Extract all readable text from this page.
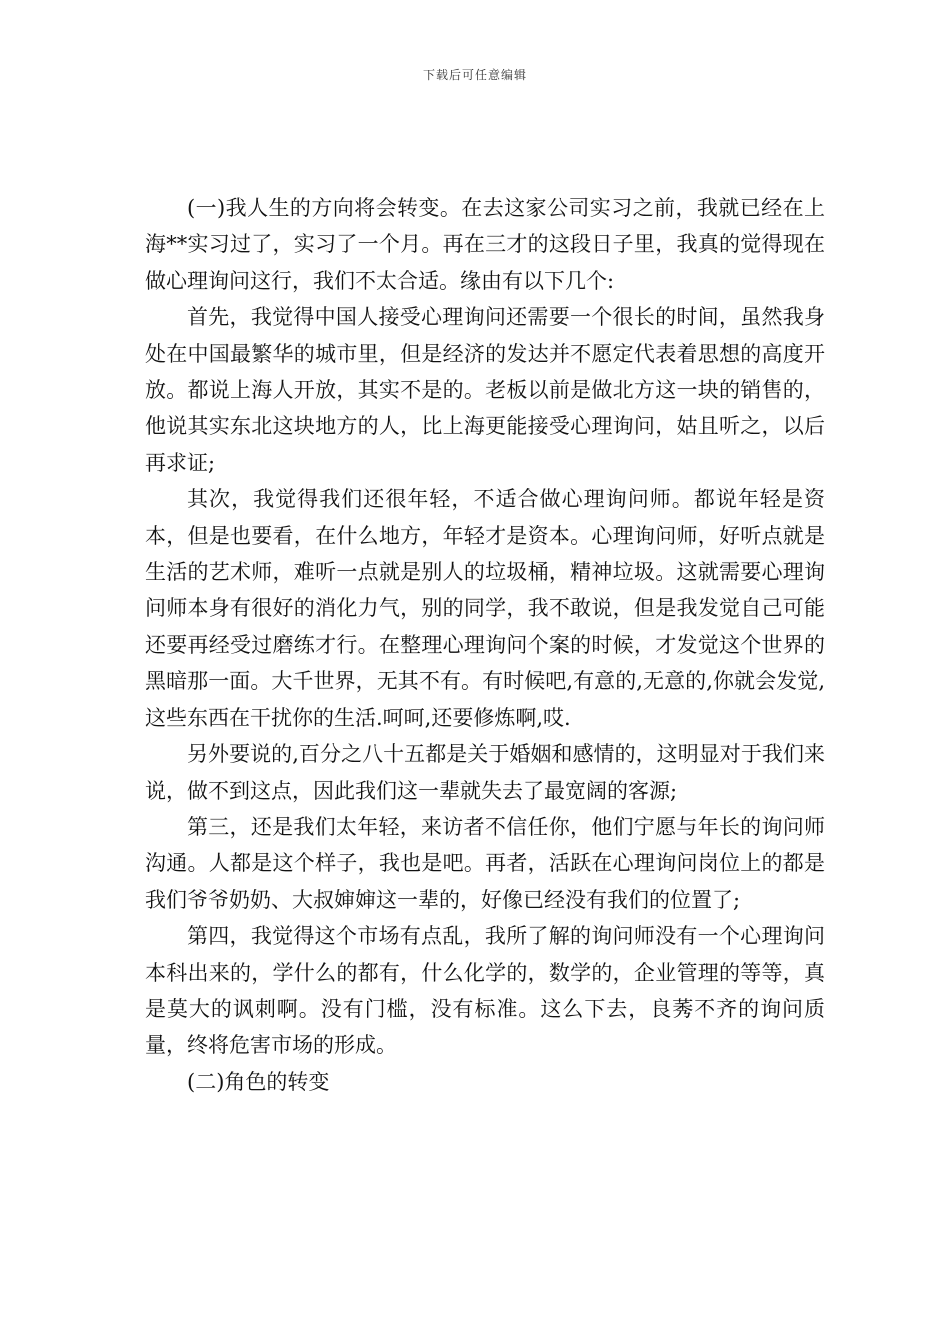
下载后可任意编辑

(一)我人生的方向将会转变。在去这家公司实习之前，我就已经在上海**实习过了，实习了一个月。再在三才的这段日子里，我真的觉得现在做心理询问这行，我们不太合适。缘由有以下几个:

首先，我觉得中国人接受心理询问还需要一个很长的时间，虽然我身处在中国最繁华的城市里，但是经济的发达并不愿定代表着思想的高度开放。都说上海人开放，其实不是的。老板以前是做北方这一块的销售的，他说其实东北这块地方的人，比上海更能接受心理询问，姑且听之，以后再求证;

其次，我觉得我们还很年轻，不适合做心理询问师。都说年轻是资本，但是也要看，在什么地方，年轻才是资本。心理询问师，好听点就是生活的艺术师，难听一点就是别人的垃圾桶，精神垃圾。这就需要心理询问师本身有很好的消化力气，别的同学，我不敢说，但是我发觉自己可能还要再经受过磨练才行。在整理心理询问个案的时候，才发觉这个世界的黑暗那一面。大千世界，无其不有。有时候吧,有意的,无意的,你就会发觉,这些东西在干扰你的生活.呵呵,还要修炼啊,哎.

另外要说的,百分之八十五都是关于婚姻和感情的，这明显对于我们来说，做不到这点，因此我们这一辈就失去了最宽阔的客源;

第三，还是我们太年轻，来访者不信任你，他们宁愿与年长的询问师沟通。人都是这个样子，我也是吧。再者，活跃在心理询问岗位上的都是我们爷爷奶奶、大叔婶婶这一辈的，好像已经没有我们的位置了;

第四，我觉得这个市场有点乱，我所了解的询问师没有一个心理询问本科出来的，学什么的都有，什么化学的，数学的，企业管理的等等，真是莫大的讽刺啊。没有门槛，没有标准。这么下去，良莠不齐的询问质量，终将危害市场的形成。

(二)角色的转变
